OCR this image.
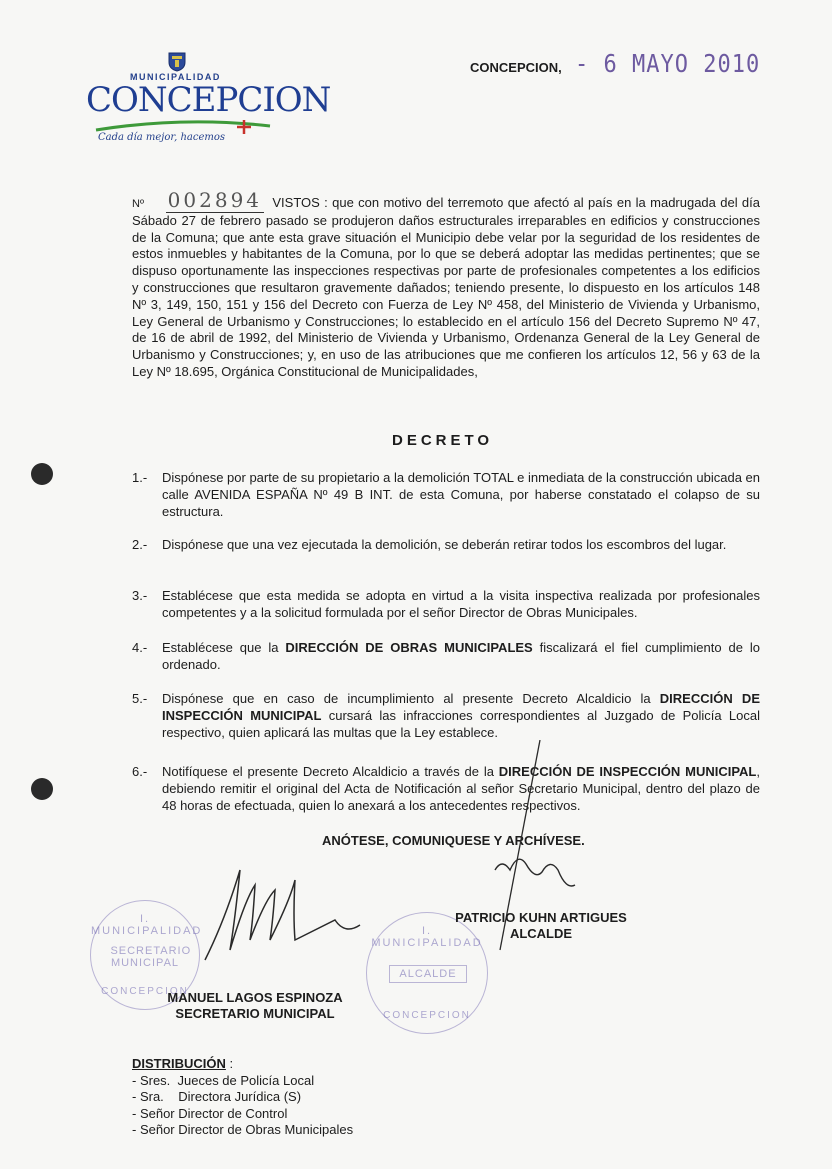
MUNICIPALIDAD
CONCEPCION
Cada día mejor, hacemos
CONCEPCION, - 6 MAYO 2010
Nº 002894 VISTOS : que con motivo del terremoto que afectó al país en la madrugada del día Sábado 27 de febrero pasado se produjeron daños estructurales irreparables en edificios y construcciones de la Comuna; que ante esta grave situación el Municipio debe velar por la seguridad de los residentes de estos inmuebles y habitantes de la Comuna, por lo que se deberá adoptar las medidas pertinentes; que se dispuso oportunamente las inspecciones respectivas por parte de profesionales competentes a los edificios y construcciones que resultaron gravemente dañados; teniendo presente, lo dispuesto en los artículos 148 Nº 3, 149, 150, 151 y 156 del Decreto con Fuerza de Ley Nº 458, del Ministerio de Vivienda y Urbanismo, Ley General de Urbanismo y Construcciones; lo establecido en el artículo 156 del Decreto Supremo Nº 47, de 16 de abril de 1992, del Ministerio de Vivienda y Urbanismo, Ordenanza General de la Ley General de Urbanismo y Construcciones; y, en uso de las atribuciones que me confieren los artículos 12, 56 y 63 de la Ley Nº 18.695, Orgánica Constitucional de Municipalidades,
DECRETO
1.-	Dispónese por parte de su propietario a la demolición TOTAL e inmediata de la construcción ubicada en calle AVENIDA ESPAÑA Nº 49 B INT. de esta Comuna, por haberse constatado el colapso de su estructura.
2.-	Dispónese que una vez ejecutada la demolición, se deberán retirar todos los escombros del lugar.
3.-	Establécese que esta medida se adopta en virtud a la visita inspectiva realizada por profesionales competentes y a la solicitud formulada por el señor Director de Obras Municipales.
4.-	Establécese que la DIRECCIÓN DE OBRAS MUNICIPALES fiscalizará el fiel cumplimiento de lo ordenado.
5.-	Dispónese que en caso de incumplimiento al presente Decreto Alcaldicio la DIRECCIÓN DE INSPECCIÓN MUNICIPAL cursará las infracciones correspondientes al Juzgado de Policía Local respectivo, quien aplicará las multas que la Ley establece.
6.-	Notifíquese el presente Decreto Alcaldicio a través de la DIRECCIÓN DE INSPECCIÓN MUNICIPAL, debiendo remitir el original del Acta de Notificación al señor Secretario Municipal, dentro del plazo de 48 horas de efectuada, quien lo anexará a los antecedentes respectivos.
ANÓTESE, COMUNIQUESE Y ARCHÍVESE.
I. MUNICIPALIDAD
SECRETARIO MUNICIPAL
CONCEPCION
I. MUNICIPALIDAD
ALCALDE
CONCEPCION
PATRICIO KUHN ARTIGUES
ALCALDE
MANUEL LAGOS ESPINOZA
SECRETARIO MUNICIPAL
DISTRIBUCIÓN :
- Sres.  Jueces de Policía Local
- Sra.    Directora Jurídica (S)
- Señor Director de Control
- Señor Director de Obras Municipales
